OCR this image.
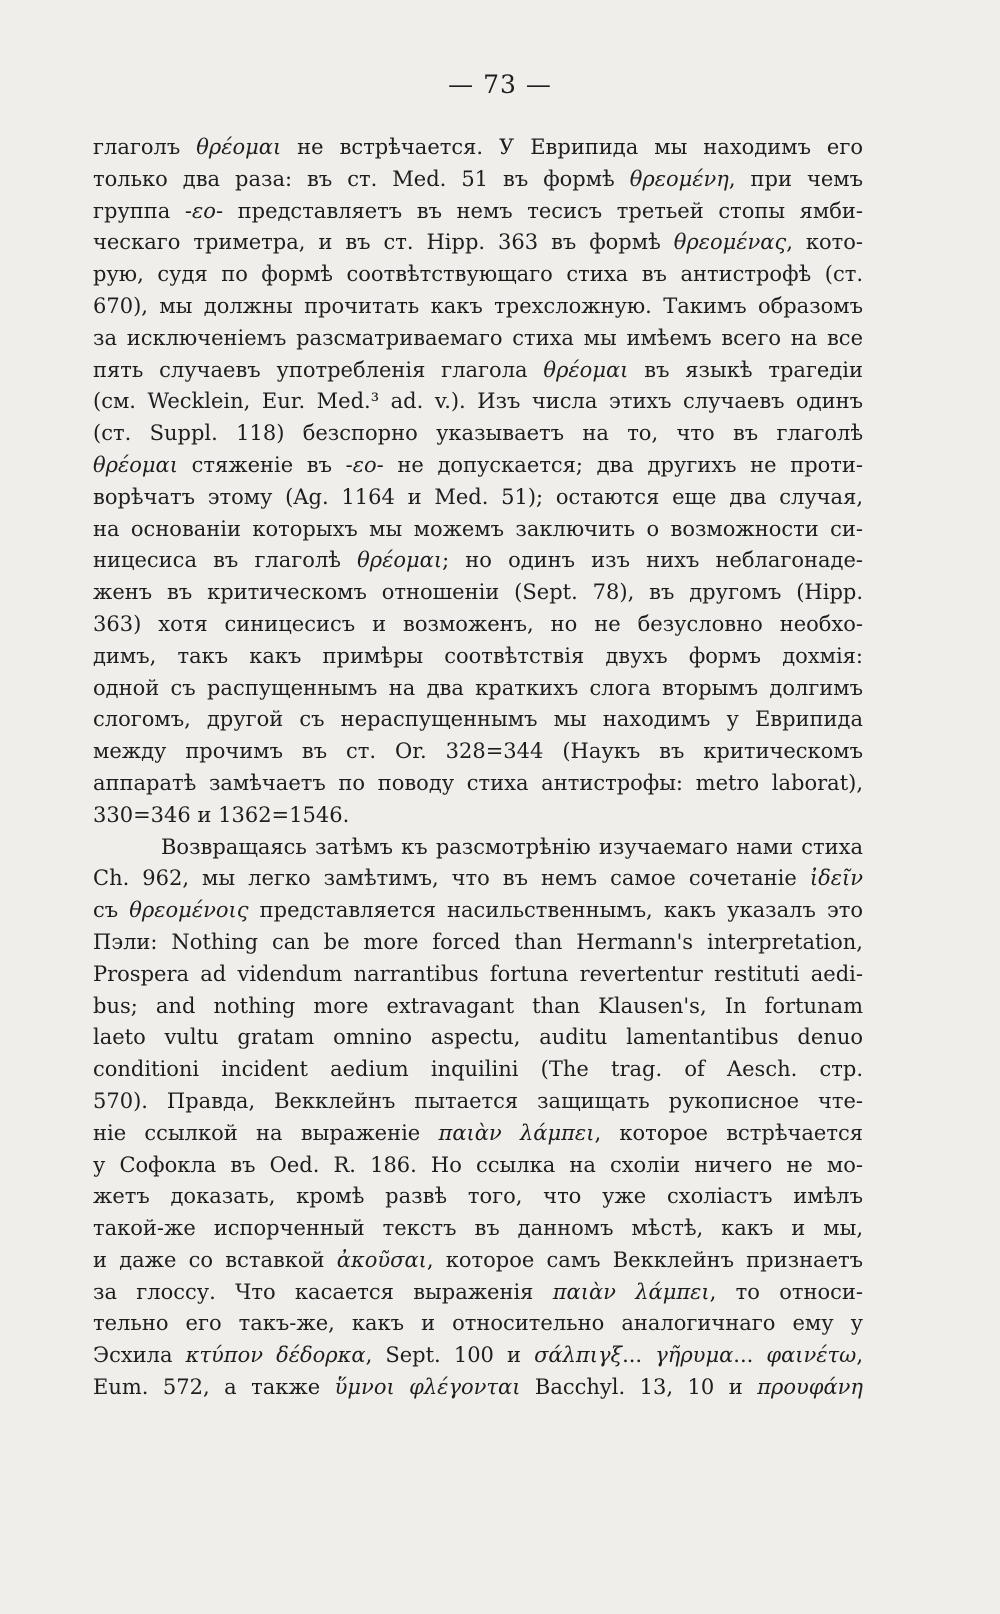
— 73 —
глаголъ θρέομαι не встрѣчается. У Еврипида мы находимъ его
только два раза: въ ст. Med. 51 въ формѣ θρεομένη, при чемъ
группа -εο- представляетъ въ немъ тесисъ третьей стопы ямби-
ческаго триметра, и въ ст. Hipp. 363 въ формѣ θρεομένας, кото-
рую, судя по формѣ соотвѣтствующаго стиха въ антистрофѣ (ст.
670), мы должны прочитать какъ трехсложную. Такимъ образомъ
за исключеніемъ разсматриваемаго стиха мы имѣемъ всего на все
пять случаевъ употребленія глагола θρέομαι въ языкѣ трагедіи
(см. Wecklein, Eur. Med.³ ad. v.). Изъ числа этихъ случаевъ одинъ
(ст. Suppl. 118) безспорно указываетъ на то, что въ глаголѣ
θρέομαι стяженіе въ -εο- не допускается; два другихъ не проти-
ворѣчатъ этому (Ag. 1164 и Med. 51); остаются еще два случая,
на основаніи которыхъ мы можемъ заключить о возможности си-
ницесиса въ глаголѣ θρέομαι; но одинъ изъ нихъ неблагонаде-
женъ въ критическомъ отношеніи (Sept. 78), въ другомъ (Hipp.
363) хотя синицесисъ и возможенъ, но не безусловно необхо-
димъ, такъ какъ примѣры соотвѣтствія двухъ формъ дохмія:
одной съ распущеннымъ на два краткихъ слога вторымъ долгимъ
слогомъ, другой съ нераспущеннымъ мы находимъ у Еврипида
между прочимъ въ ст. Or. 328=344 (Наукъ въ критическомъ
аппаратѣ замѣчаетъ по поводу стиха антистрофы: metro laborat),
330=346 и 1362=1546.
Возвращаясь затѣмъ къ разсмотрѣнію изучаемаго нами стиха
Ch. 962, мы легко замѣтимъ, что въ немъ самое сочетаніе ἰδεῖν
съ θρεομένοις представляется насильственнымъ, какъ указалъ это
Пэли: Nothing can be more forced than Hermann's interpretation,
Prospera ad videndum narrantibus fortuna revertentur restituti aedi-
bus; and nothing more extravagant than Klausen's, In fortunam
laeto vultu gratam omnino aspectu, auditu lamentantibus denuo
conditioni incident aedium inquilini (The trag. of Aesch. стр.
570). Правда, Векклейнъ пытается защищать рукописное чте-
ніе ссылкой на выраженіе παιὰν λάμπει, которое встрѣчается
у Софокла въ Oed. R. 186. Но ссылка на схоліи ничего не мо-
жетъ доказать, кромѣ развѣ того, что уже схоліастъ имѣлъ
такой-же испорченный текстъ въ данномъ мѣстѣ, какъ и мы,
и даже со вставкой ἀκοῦσαι, которое самъ Векклейнъ признаетъ
за глоссу. Что касается выраженія παιὰν λάμπει, то относи-
тельно его такъ-же, какъ и относительно аналогичнаго ему у
Эсхила κτύπον δέδορκα, Sept. 100 и σάλπιγξ... γῆρυμα... φαινέτω,
Eum. 572, а также ὕμνοι φλέγονται Bacchyl. 13, 10 и προυφάνη
